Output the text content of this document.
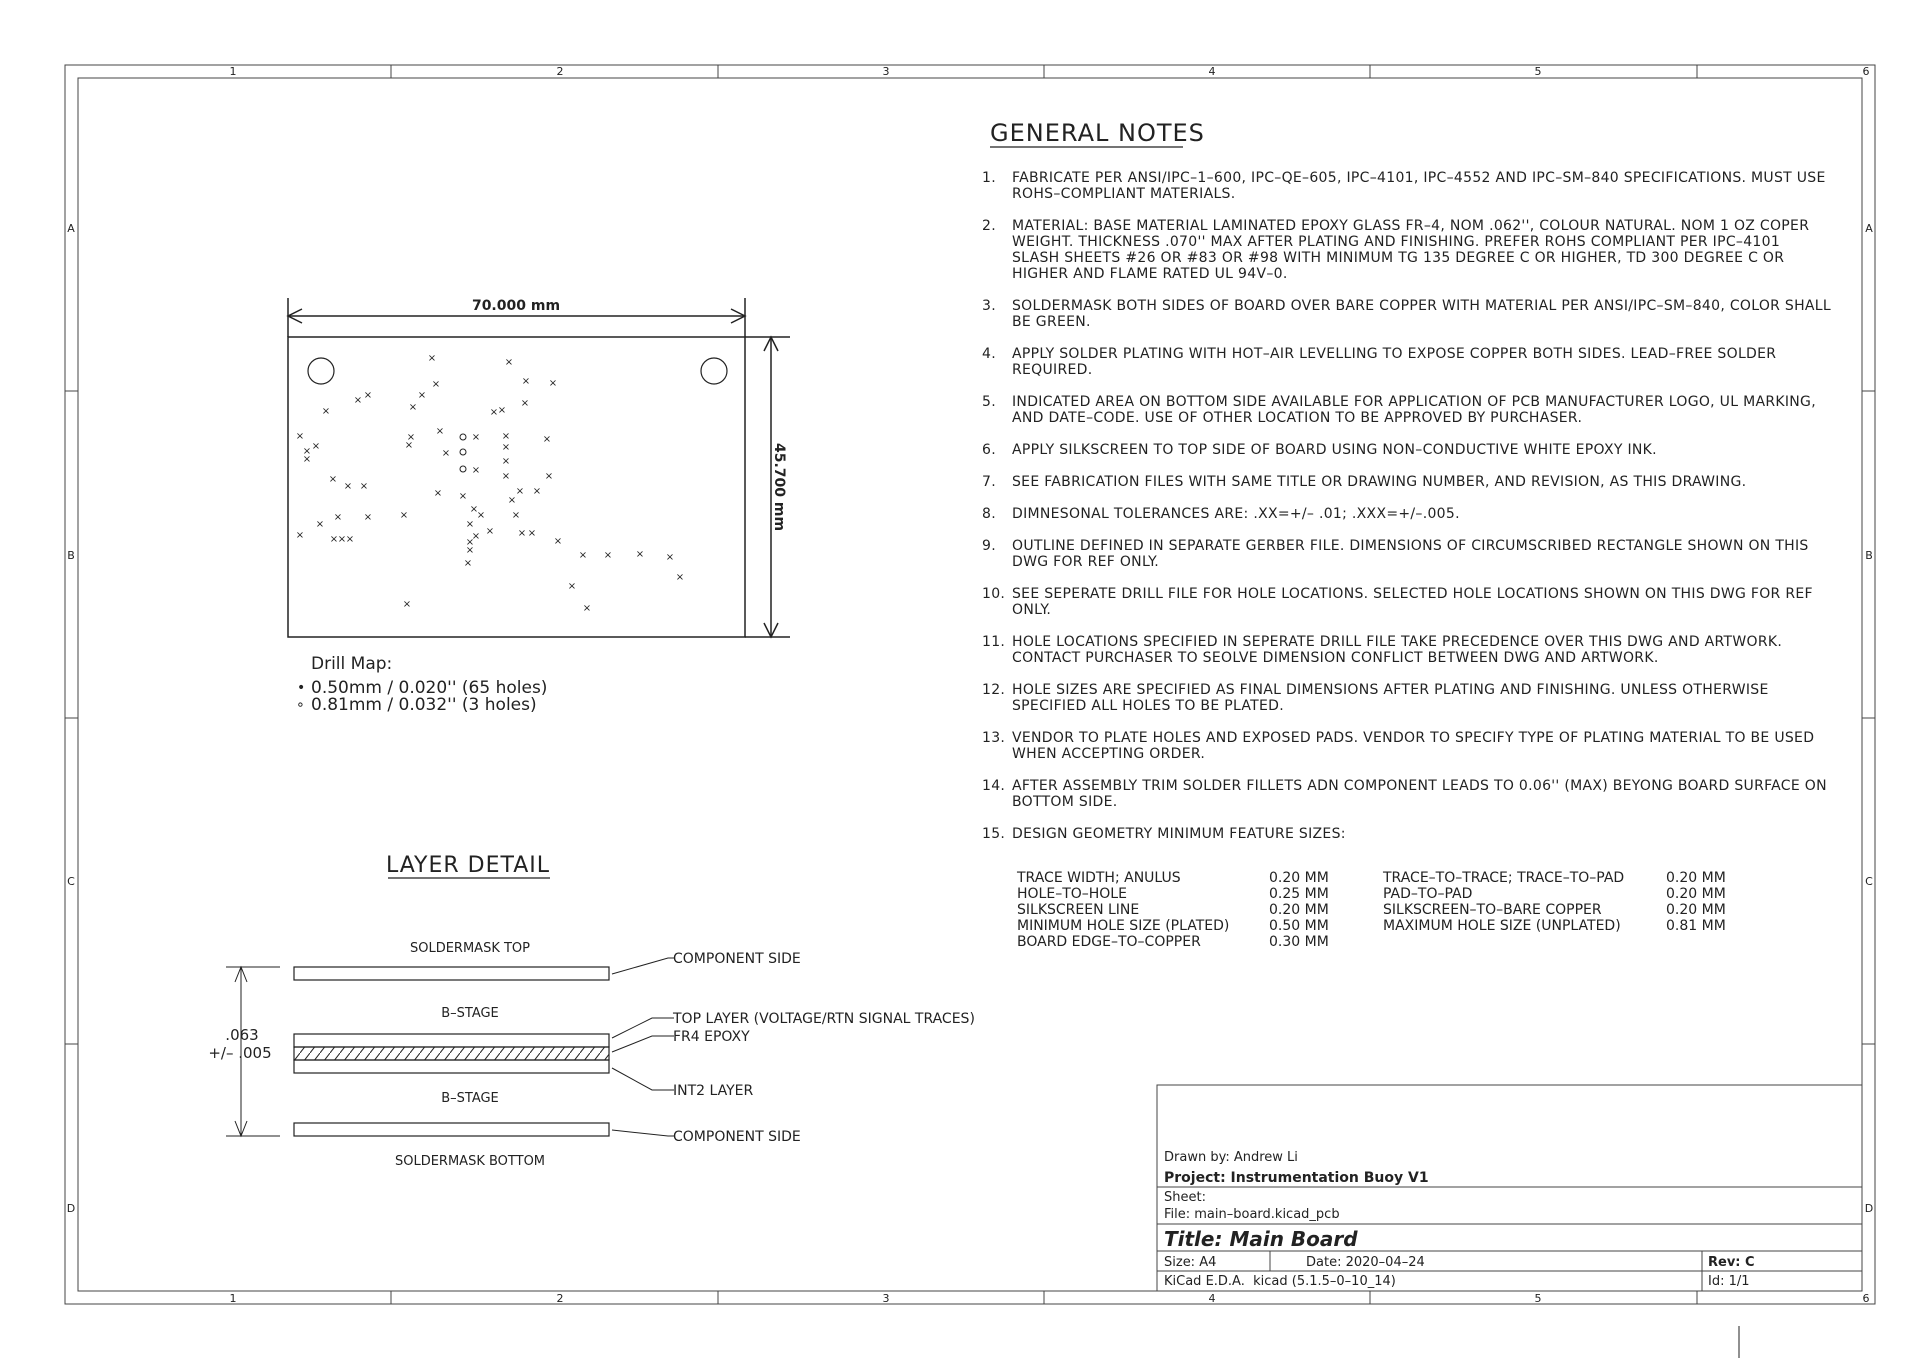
1	2	3	4	5	6
1	2	3	4	5	6
A
B
C
D
A
B
C
D
GENERAL NOTES
70.000 mm
45.700 mm
×	×
×	× ×
×
×	×
×	×
×	× ×
×	×
×
× ×	×
×
×
×
×
×
×	×
×
×	×	×
× ×
× ×	× ×
×
×
×	×
× ×	×
×	×
× × ×
×	× × ×	×	×
×	× × × ×
×
×
×
×
×
×
Drill Map:
• 0.50mm / 0.020'' (65 holes)
∘ 0.81mm / 0.032'' (3 holes)
LAYER DETAIL
SOLDERMASK TOP
B–STAGE
B–STAGE
SOLDERMASK BOTTOM
.063
+/– .005
COMPONENT SIDE
TOP LAYER (VOLTAGE/RTN SIGNAL TRACES)
FR4 EPOXY
INT2 LAYER
COMPONENT SIDE
Drawn by: Andrew Li
Project: Instrumentation Buoy V1
Sheet:
File: main–board.kicad_pcb
Title: Main Board
Size: A4	Date: 2020–04–24	Rev: C
KiCad E.D.A.  kicad (5.1.5–0–10_14)	Id: 1/1
1.	FABRICATE PER ANSI/IPC–1–600, IPC–QE–605, IPC–4101, IPC–4552 AND IPC–SM–840 SPECIFICATIONS. MUST USE ROHS–COMPLIANT MATERIALS.
2.	MATERIAL: BASE MATERIAL LAMINATED EPOXY GLASS FR–4, NOM .062'', COLOUR NATURAL. NOM 1 OZ COPER WEIGHT. THICKNESS .070'' MAX AFTER PLATING AND FINISHING. PREFER ROHS COMPLIANT PER IPC–4101 SLASH SHEETS #26 OR #83 OR #98 WITH MINIMUM TG 135 DEGREE C OR HIGHER, TD 300 DEGREE C OR HIGHER AND FLAME RATED UL 94V–0.
3.	SOLDERMASK BOTH SIDES OF BOARD OVER BARE COPPER WITH MATERIAL PER ANSI/IPC–SM–840, COLOR SHALL BE GREEN.
4.	APPLY SOLDER PLATING WITH HOT–AIR LEVELLING TO EXPOSE COPPER BOTH SIDES. LEAD–FREE SOLDER REQUIRED.
5.	INDICATED AREA ON BOTTOM SIDE AVAILABLE FOR APPLICATION OF PCB MANUFACTURER LOGO, UL MARKING, AND DATE–CODE. USE OF OTHER LOCATION TO BE APPROVED BY PURCHASER.
6.	APPLY SILKSCREEN TO TOP SIDE OF BOARD USING NON–CONDUCTIVE WHITE EPOXY INK.
7.	SEE FABRICATION FILES WITH SAME TITLE OR DRAWING NUMBER, AND REVISION, AS THIS DRAWING.
8.	DIMNESONAL TOLERANCES ARE: .XX=+/– .01; .XXX=+/–.005.
9.	OUTLINE DEFINED IN SEPARATE GERBER FILE. DIMENSIONS OF CIRCUMSCRIBED RECTANGLE SHOWN ON THIS DWG FOR REF ONLY.
10. SEE SEPERATE DRILL FILE FOR HOLE LOCATIONS. SELECTED HOLE LOCATIONS SHOWN ON THIS DWG FOR REF ONLY.
11. HOLE LOCATIONS SPECIFIED IN SEPERATE DRILL FILE TAKE PRECEDENCE OVER THIS DWG AND ARTWORK. CONTACT PURCHASER TO SEOLVE DIMENSION CONFLICT BETWEEN DWG AND ARTWORK.
12. HOLE SIZES ARE SPECIFIED AS FINAL DIMENSIONS AFTER PLATING AND FINISHING. UNLESS OTHERWISE SPECIFIED ALL HOLES TO BE PLATED.
13. VENDOR TO PLATE HOLES AND EXPOSED PADS. VENDOR TO SPECIFY TYPE OF PLATING MATERIAL TO BE USED WHEN ACCEPTING ORDER.
14. AFTER ASSEMBLY TRIM SOLDER FILLETS ADN COMPONENT LEADS TO 0.06'' (MAX) BEYONG BOARD SURFACE ON BOTTOM SIDE.
15. DESIGN GEOMETRY MINIMUM FEATURE SIZES:
TRACE WIDTH; ANULUS	0.20 MM
HOLE–TO–HOLE	0.25 MM
SILKSCREEN LINE	0.20 MM
MINIMUM HOLE SIZE (PLATED)	0.50 MM
BOARD EDGE–TO–COPPER	0.30 MM
TRACE–TO–TRACE; TRACE–TO–PAD	0.20 MM
PAD–TO–PAD	0.20 MM
SILKSCREEN–TO–BARE COPPER	0.20 MM
MAXIMUM HOLE SIZE (UNPLATED)	0.81 MM
